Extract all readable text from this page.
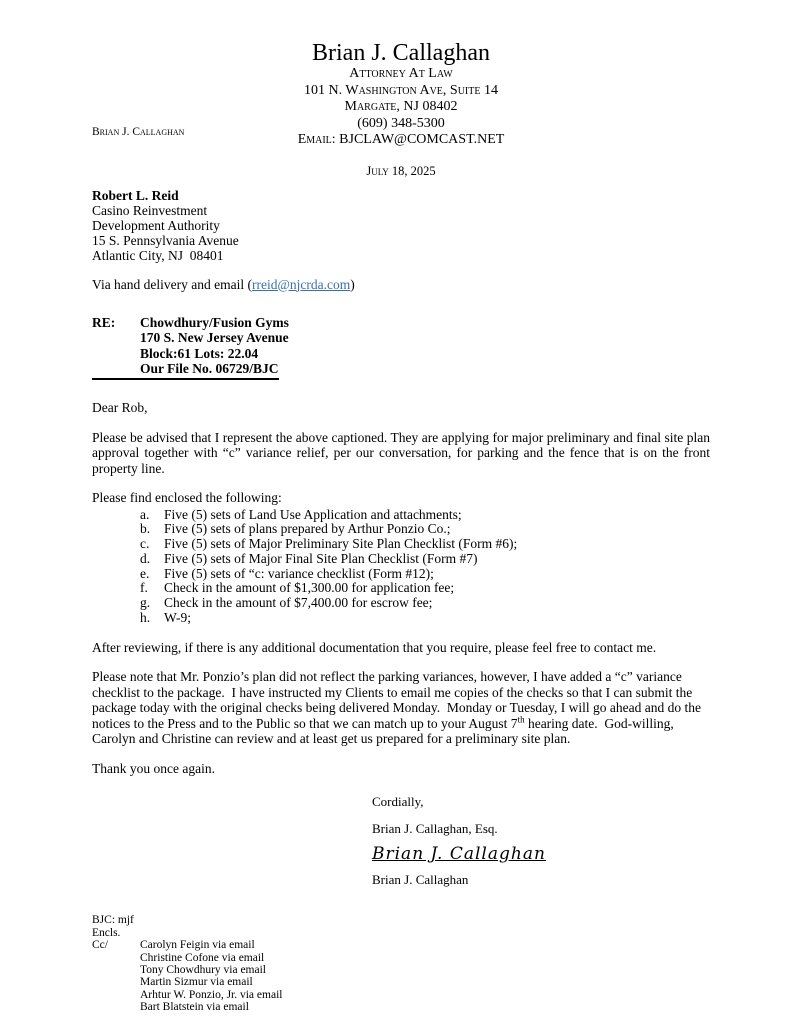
Brian J. Callaghan
Attorney At Law
101 N. Washington Ave, Suite 14
Margate, NJ 08402
(609) 348-5300
Email: BJCLAW@COMCAST.NET
Brian J. Callaghan
July 18, 2025
Robert L. Reid
Casino Reinvestment
Development Authority
15 S. Pennsylvania Avenue
Atlantic City, NJ  08401
Via hand delivery and email (rreid@njcrda.com)
RE:	Chowdhury/Fusion Gyms
170 S. New Jersey Avenue
Block:61 Lots: 22.04
Our File No. 06729/BJC
Dear Rob,

Please be advised that I represent the above captioned. They are applying for major preliminary and final site plan approval together with “c” variance relief, per our conversation, for parking and the fence that is on the front property line.

Please find enclosed the following:

a.	Five (5) sets of Land Use Application and attachments;
b.	Five (5) sets of plans prepared by Arthur Ponzio Co.;
c.	Five (5) sets of Major Preliminary Site Plan Checklist (Form #6);
d.	Five (5) sets of Major Final Site Plan Checklist (Form #7)
e.	Five (5) sets of “c: variance checklist (Form #12);
f.	Check in the amount of $1,300.00 for application fee;
g.	Check in the amount of $7,400.00 for escrow fee;
h.	W-9;

After reviewing, if there is any additional documentation that you require, please feel free to contact me.

Please note that Mr. Ponzio’s plan did not reflect the parking variances, however, I have added a “c” variance checklist to the package.  I have instructed my Clients to email me copies of the checks so that I can submit the package today with the original checks being delivered Monday.  Monday or Tuesday, I will go ahead and do the notices to the Press and to the Public so that we can match up to your August 7th hearing date.  God-willing, Carolyn and Christine can review and at least get us prepared for a preliminary site plan.

Thank you once again.

Cordially,
Brian J. Callaghan, Esq.
Brian J. Callaghan
Brian J. Callaghan
BJC: mjf
Encls.
Cc/	Carolyn Feigin via email
Christine Cofone via email
Tony Chowdhury via email
Martin Sizmur via email
Arhtur W. Ponzio, Jr. via email
Bart Blatstein via email
